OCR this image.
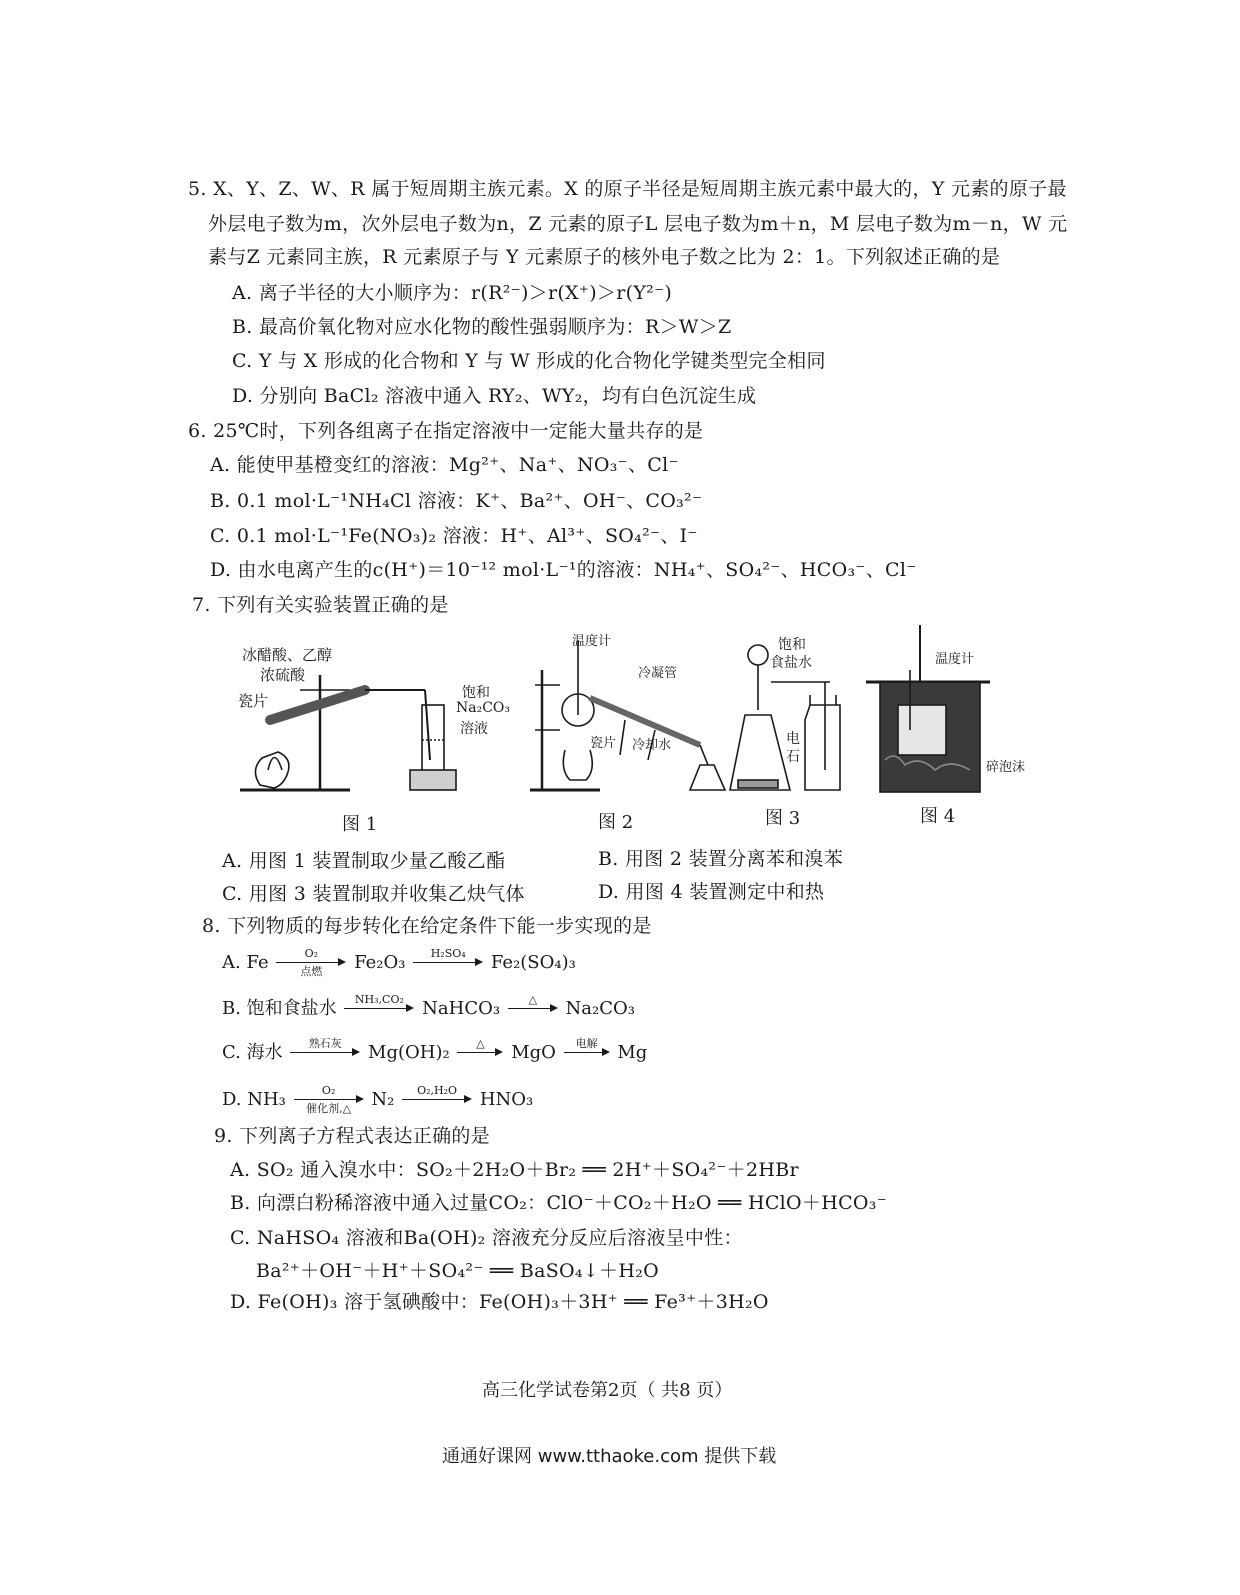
5. X、Y、Z、W、R 属于短周期主族元素。X 的原子半径是短周期主族元素中最大的，Y 元素的原子最
外层电子数为m，次外层电子数为n，Z 元素的原子L 层电子数为m＋n，M 层电子数为m－n，W 元
素与Z 元素同主族，R 元素原子与 Y 元素原子的核外电子数之比为 2：1。下列叙述正确的是
A. 离子半径的大小顺序为：r(R²⁻)＞r(X⁺)＞r(Y²⁻)
B. 最高价氧化物对应水化物的酸性强弱顺序为：R＞W＞Z
C. Y 与 X 形成的化合物和 Y 与 W 形成的化合物化学键类型完全相同
D. 分别向 BaCl₂ 溶液中通入 RY₂、WY₂，均有白色沉淀生成
6. 25℃时，下列各组离子在指定溶液中一定能大量共存的是
A. 能使甲基橙变红的溶液：Mg²⁺、Na⁺、NO₃⁻、Cl⁻
B. 0.1 mol·L⁻¹NH₄Cl 溶液：K⁺、Ba²⁺、OH⁻、CO₃²⁻
C. 0.1 mol·L⁻¹Fe(NO₃)₂ 溶液：H⁺、Al³⁺、SO₄²⁻、I⁻
D. 由水电离产生的c(H⁺)＝10⁻¹² mol·L⁻¹的溶液：NH₄⁺、SO₄²⁻、HCO₃⁻、Cl⁻
7. 下列有关实验装置正确的是
冰醋酸、乙醇
浓硫酸
瓷片	饱和
Na₂CO₃
溶液
图 1
温度计
冷凝管
瓷片 冷却水
图 2
饱和
食盐水
电
石
图 3
温度计
碎泡沫
图 4
A. 用图 1 装置制取少量乙酸乙酯	B. 用图 2 装置分离苯和溴苯
C. 用图 3 装置制取并收集乙炔气体	D. 用图 4 装置测定中和热
8. 下列物质的每步转化在给定条件下能一步实现的是
A. Fe	O₂
点燃	Fe₂O₃	H₂SO₄	Fe₂(SO₄)₃
B. 饱和食盐水	NH₃,CO₂	NaHCO₃	△	Na₂CO₃
C. 海水	熟石灰	Mg(OH)₂	△	MgO	电解	Mg
D. NH₃	O₂
催化剂,△	N₂	O₂,H₂O	HNO₃
9. 下列离子方程式表达正确的是
A. SO₂ 通入溴水中：SO₂＋2H₂O＋Br₂ ══ 2H⁺＋SO₄²⁻＋2HBr
B. 向漂白粉稀溶液中通入过量CO₂：ClO⁻＋CO₂＋H₂O ══ HClO＋HCO₃⁻
C. NaHSO₄ 溶液和Ba(OH)₂ 溶液充分反应后溶液呈中性：
Ba²⁺＋OH⁻＋H⁺＋SO₄²⁻ ══ BaSO₄↓＋H₂O
D. Fe(OH)₃ 溶于氢碘酸中：Fe(OH)₃＋3H⁺ ══ Fe³⁺＋3H₂O
高三化学试卷第2页（ 共8 页）
通通好课网 www.tthaoke.com 提供下载
